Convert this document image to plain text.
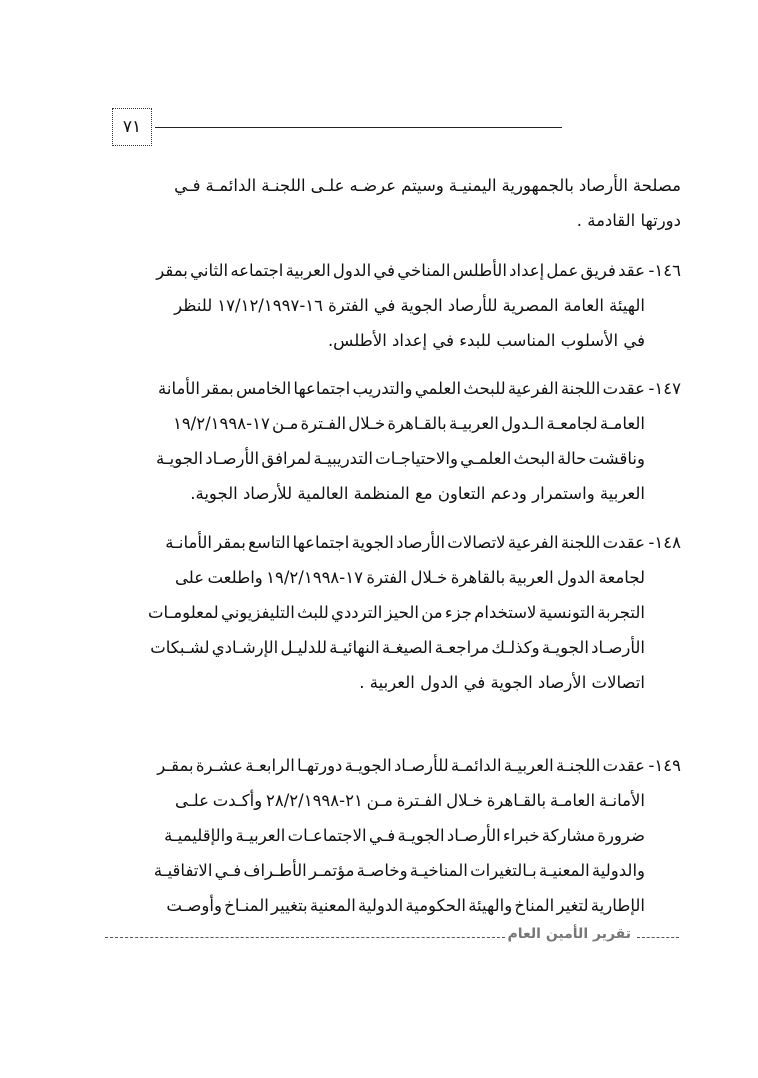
٧١
مصلحة الأرصاد بالجمهورية اليمنيـة وسيتم عرضـه علـى اللجنـة الدائمـة فـي
دورتها القادمة .
١٤٦-
عقد فريق عمل إعداد الأطلس المناخي في الدول العربية اجتماعه الثاني بمقر
الهيئة العامة المصرية للأرصاد الجوية في الفترة ١٦-١٧/١٢/١٩٩٧ للنظر
في الأسلوب المناسب للبدء في إعداد الأطلس.
١٤٧-
عقدت اللجنة الفرعية للبحث العلمي والتدريب اجتماعها الخامس بمقر الأمانة
العامـة لجامعـة الـدول العربيـة بالقـاهرة خـلال الفـترة مـن ١٧-١٩/٢/١٩٩٨
وناقشت حالة البحث العلمـي والاحتياجـات التدريبيـة لمرافق الأرصـاد الجويـة
العربية واستمرار ودعم التعاون مع المنظمة العالمية للأرصاد الجوية.
١٤٨-
عقدت اللجنة الفرعية لاتصالات الأرصاد الجوية اجتماعها التاسع بمقر الأمانـة
لجامعة الدول العربية بالقاهرة خـلال الفترة ١٧-١٩/٢/١٩٩٨ واطلعت على
التجربة التونسية لاستخدام جزء من الحيز الترددي للبث التليفزيوني لمعلومـات
الأرصـاد الجويـة وكذلـك مراجعـة الصيغـة النهائيـة للدليـل الإرشـادي لشـبكات
اتصالات الأرصاد الجوية في الدول العربية .
١٤٩-
عقدت اللجنـة العربيـة الدائمـة للأرصـاد الجويـة دورتهـا الرابعـة عشـرة بمقـر
الأمانـة العامـة بالقـاهرة خـلال الفـترة مـن ٢١-٢٨/٢/١٩٩٨ وأكـدت علـى
ضرورة مشاركة خبراء الأرصـاد الجويـة فـي الاجتماعـات العربيـة والإقليميـة
والدولية المعنيـة بـالتغيرات المناخيـة وخاصـة مؤتمـر الأطـراف فـي الاتفاقيـة
الإطارية لتغير المناخ والهيئة الحكومية الدولية المعنية بتغيير المنـاخ وأوصـت
تقرير الأمين العام
